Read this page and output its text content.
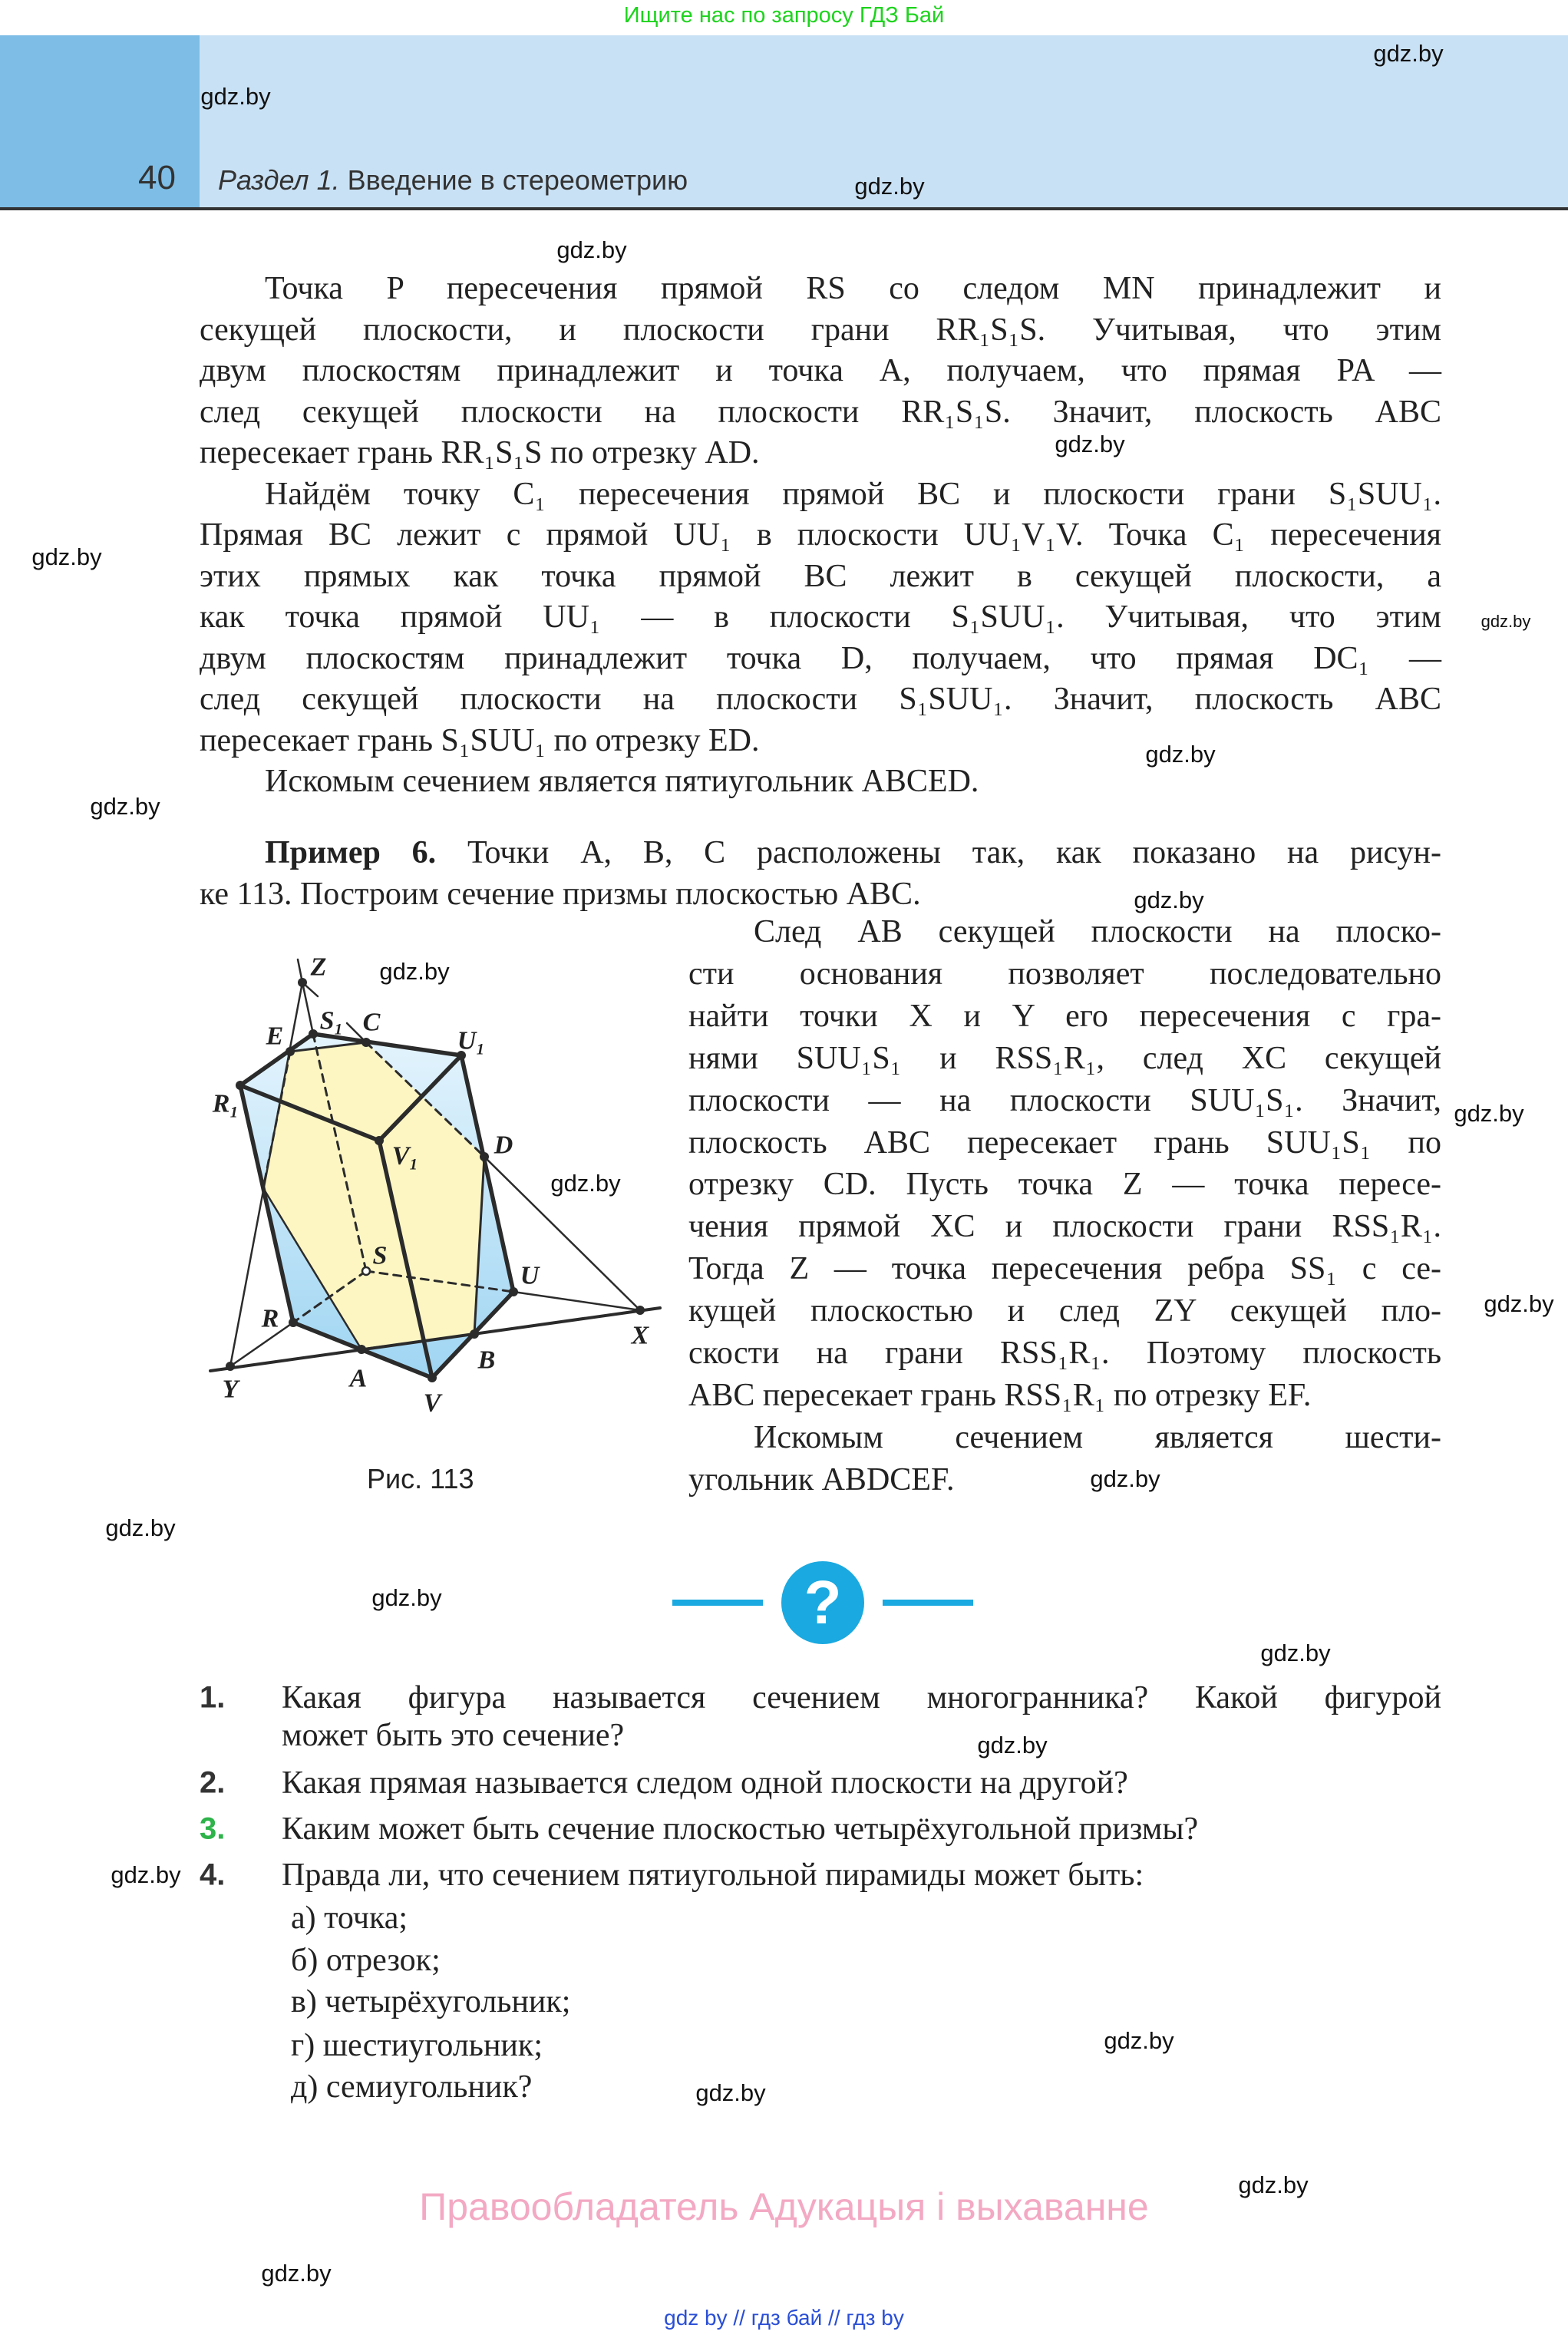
Ищите нас по запросу ГДЗ Бай
40 Раздел 1. Введение в стереометрию
Точка P пересечения прямой RS со следом MN принадлежит и
секущей плоскости, и плоскости грани RR₁S₁S. Учитывая, что этим
двум плоскостям принадлежит и точка A, получаем, что прямая PA —
след секущей плоскости на плоскости RR₁S₁S. Значит, плоскость ABC
пересекает грань RR₁S₁S по отрезку AD.
Найдём точку C₁ пересечения прямой BC и плоскости грани S₁SUU₁.
Прямая BC лежит с прямой UU₁ в плоскости UU₁V₁V. Точка C₁ пересечения
этих прямых как точка прямой BC лежит в секущей плоскости, а
как точка прямой UU₁ — в плоскости S₁SUU₁. Учитывая, что этим
двум плоскостям принадлежит точка D, получаем, что прямая DC₁ —
след секущей плоскости на плоскости S₁SUU₁. Значит, плоскость ABC
пересекает грань S₁SUU₁ по отрезку ED.
Искомым сечением является пятиугольник ABCED.
Пример 6. Точки A, B, C расположены так, как показано на рисун-
ке 113. Построим сечение призмы плоскостью ABC.
След AB секущей плоскости на плоско-
сти основания позволяет последовательно
найти точки X и Y его пересечения с гра-
нями SUU₁S₁ и RSS₁R₁, след XC секущей
плоскости — на плоскости SUU₁S₁. Значит,
плоскость ABC пересекает грань SUU₁S₁ по
отрезку CD. Пусть точка Z — точка пересе-
чения прямой XC и плоскости грани RSS₁R₁.
Тогда Z — точка пересечения ребра SS₁ с се-
кущей плоскостью и след ZY секущей пло-
скости на грани RSS₁R₁. Поэтому плоскость
ABC пересекает грань RSS₁R₁ по отрезку EF.
Искомым сечением является шести-
угольник ABDCEF.
Z
S₁ C
E	U₁
R₁
V₁	D
S
U
R
X
B
A
Y	V
Рис. 113
?
1. Какая фигура называется сечением многогранника? Какой фигурой
может быть это сечение?
2. Какая прямая называется следом одной плоскости на другой?
3. Каким может быть сечение плоскостью четырёхугольной призмы?
4. Правда ли, что сечением пятиугольной пирамиды может быть:
а) точка;
б) отрезок;
в) четырёхугольник;
г) шестиугольник;
д) семиугольник?
Правообладатель Адукацыя і выхаванне
gdz by // гдз бай // гдз by
gdz.by
gdz.by
gdz.by
gdz.by
gdz.by
gdz.by
gdz.by
gdz.by
gdz.by
gdz.by
gdz.by
gdz.by
gdz.by
gdz.by
gdz.by
gdz.by
gdz.by
gdz.by
gdz.by
gdz.by
gdz.by
gdz.by
gdz.by
gdz.by
